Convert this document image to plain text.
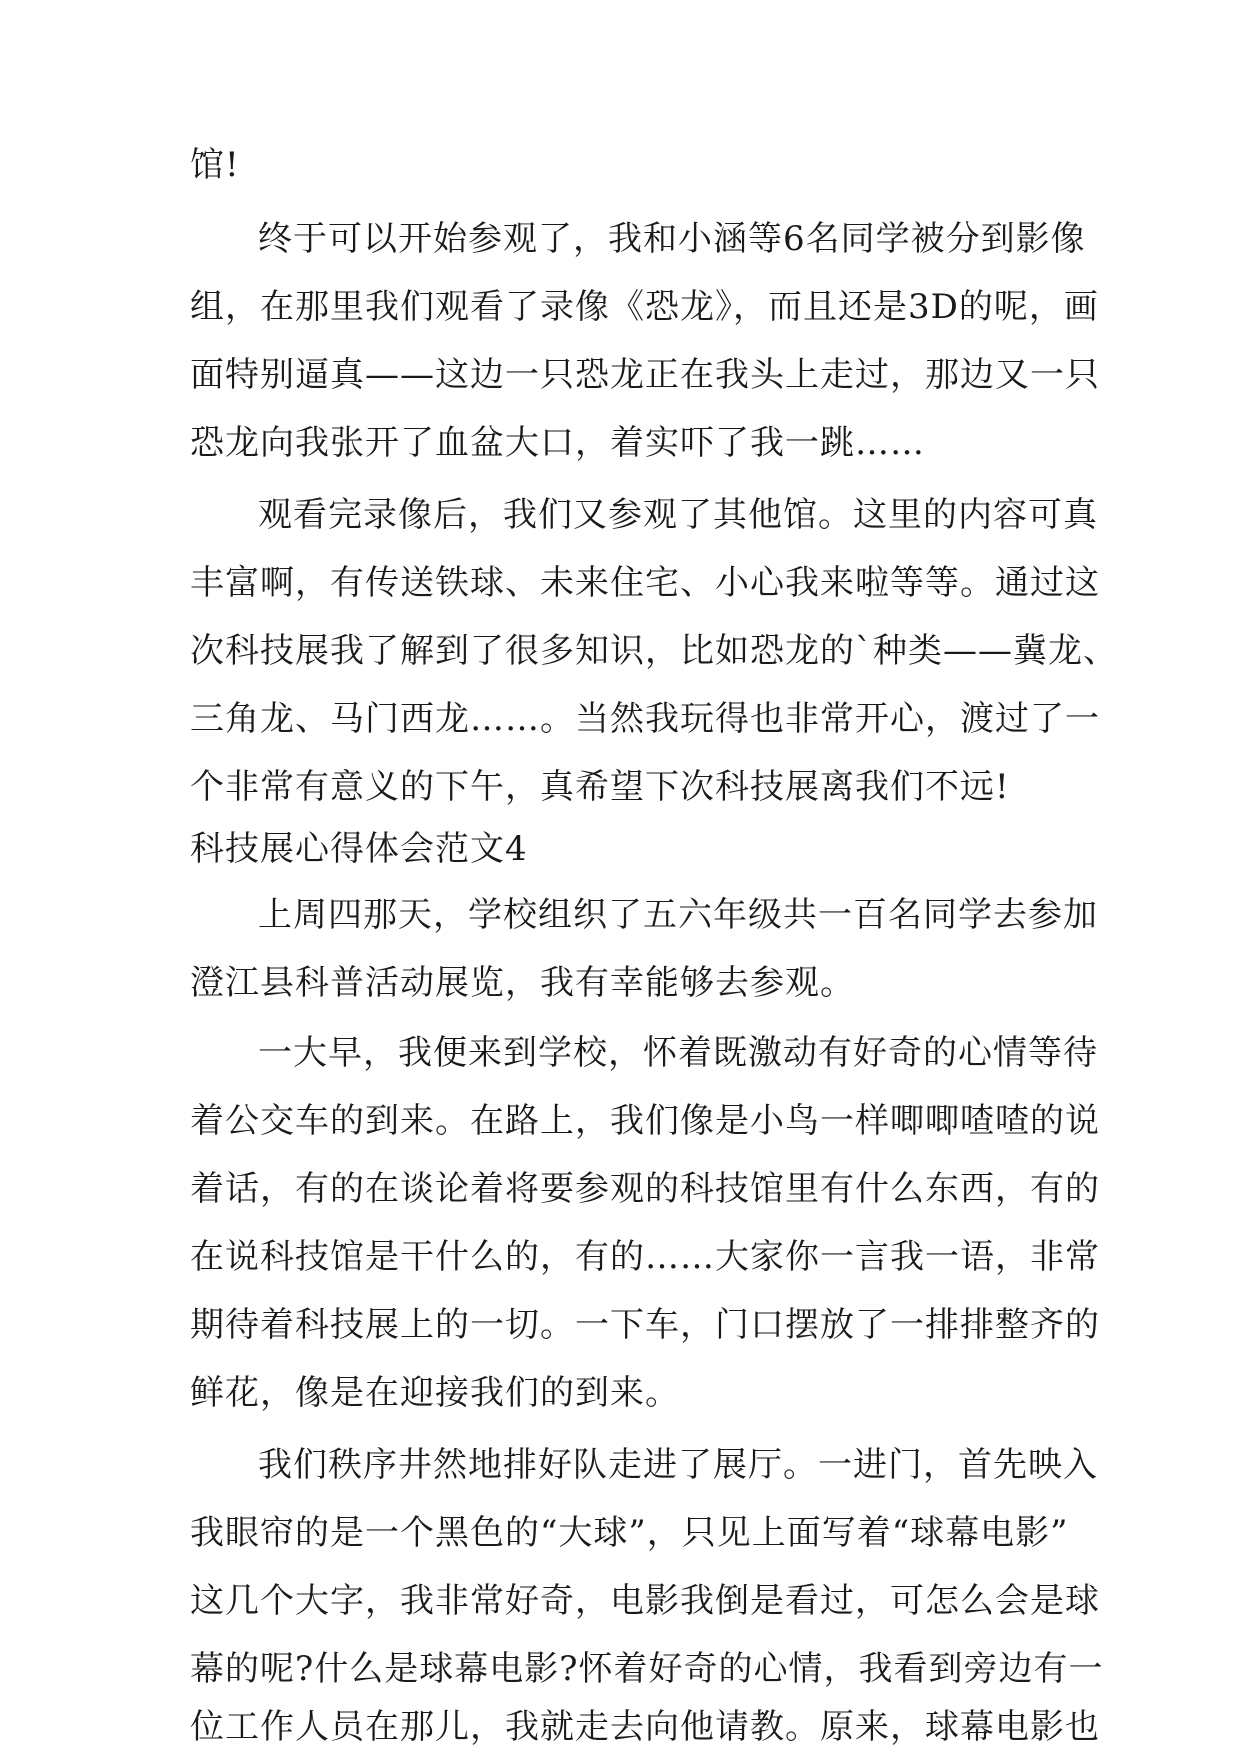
馆!
终于可以开始参观了，我和小涵等6名同学被分到影像
组，在那里我们观看了录像《恐龙》，而且还是3D的呢，画
面特别逼真——这边一只恐龙正在我头上走过，那边又一只
恐龙向我张开了血盆大口，着实吓了我一跳……
观看完录像后，我们又参观了其他馆。这里的内容可真
丰富啊，有传送铁球、未来住宅、小心我来啦等等。通过这
次科技展我了解到了很多知识，比如恐龙的`种类——冀龙、
三角龙、马门西龙……。当然我玩得也非常开心，渡过了一
个非常有意义的下午，真希望下次科技展离我们不远!
科技展心得体会范文4
上周四那天，学校组织了五六年级共一百名同学去参加
澄江县科普活动展览，我有幸能够去参观。
一大早，我便来到学校，怀着既激动有好奇的心情等待
着公交车的到来。在路上，我们像是小鸟一样唧唧喳喳的说
着话，有的在谈论着将要参观的科技馆里有什么东西，有的
在说科技馆是干什么的，有的……大家你一言我一语，非常
期待着科技展上的一切。一下车，门口摆放了一排排整齐的
鲜花，像是在迎接我们的到来。
我们秩序井然地排好队走进了展厅。一进门，首先映入
我眼帘的是一个黑色的“大球”，只见上面写着“球幕电影”
这几个大字，我非常好奇，电影我倒是看过，可怎么会是球
幕的呢?什么是球幕电影?怀着好奇的心情，我看到旁边有一
位工作人员在那儿，我就走去向他请教。原来，球幕电影也
